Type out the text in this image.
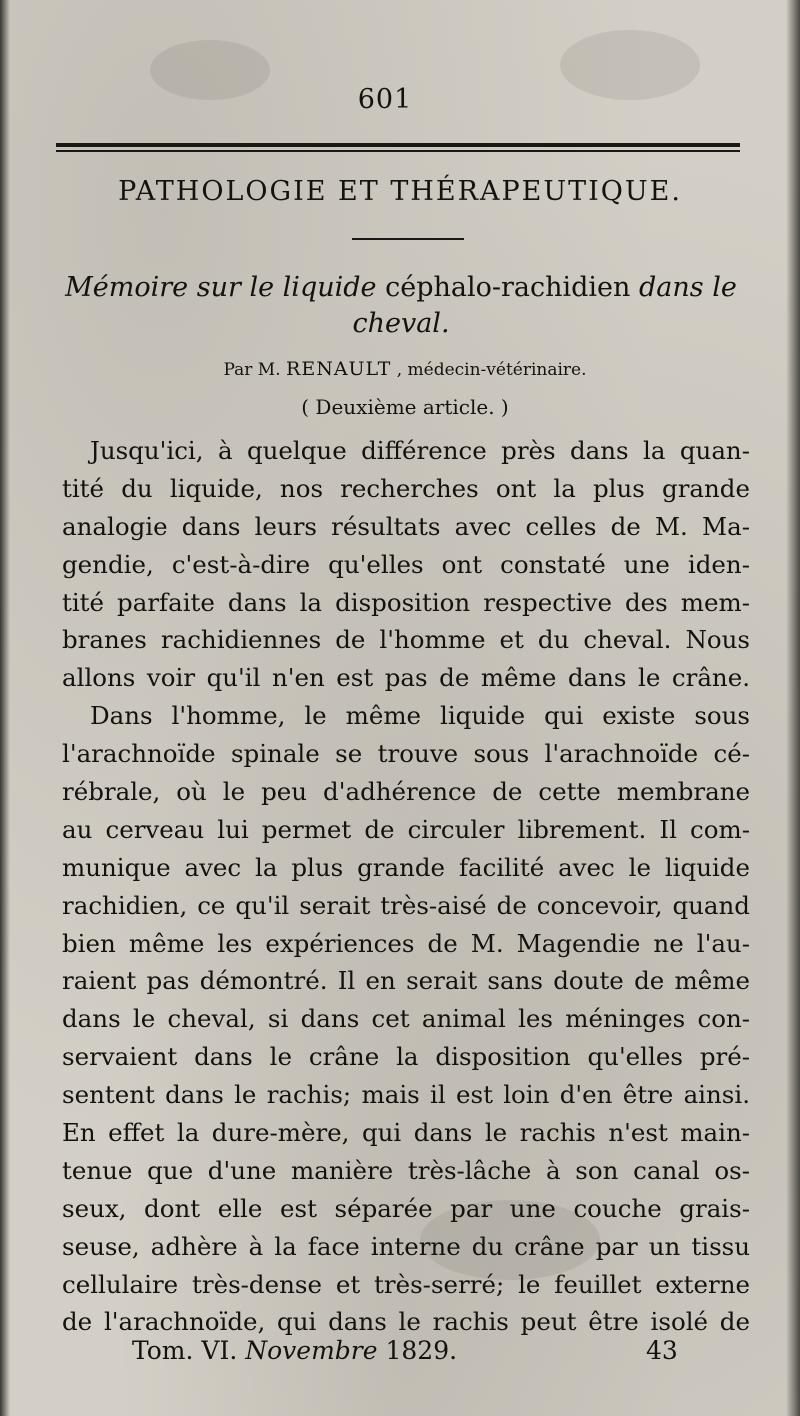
601
PATHOLOGIE ET THÉRAPEUTIQUE.
Mémoire sur le liquide céphalo-rachidien dans le
cheval.
Par M. RENAULT , médecin-vétérinaire.
( Deuxième article. )
Jusqu'ici, à quelque différence près dans la quan-
tité du liquide, nos recherches ont la plus grande
analogie dans leurs résultats avec celles de M. Ma-
gendie, c'est-à-dire qu'elles ont constaté une iden-
tité parfaite dans la disposition respective des mem-
branes rachidiennes de l'homme et du cheval. Nous
allons voir qu'il n'en est pas de même dans le crâne.
Dans l'homme, le même liquide qui existe sous
l'arachnoïde spinale se trouve sous l'arachnoïde cé-
rébrale, où le peu d'adhérence de cette membrane
au cerveau lui permet de circuler librement. Il com-
munique avec la plus grande facilité avec le liquide
rachidien, ce qu'il serait très-aisé de concevoir, quand
bien même les expériences de M. Magendie ne l'au-
raient pas démontré. Il en serait sans doute de même
dans le cheval, si dans cet animal les méninges con-
servaient dans le crâne la disposition qu'elles pré-
sentent dans le rachis; mais il est loin d'en être ainsi.
En effet la dure-mère, qui dans le rachis n'est main-
tenue que d'une manière très-lâche à son canal os-
seux, dont elle est séparée par une couche grais-
seuse, adhère à la face interne du crâne par un tissu
cellulaire très-dense et très-serré; le feuillet externe
de l'arachnoïde, qui dans le rachis peut être isolé de
Tom. VI. Novembre 1829.	43
